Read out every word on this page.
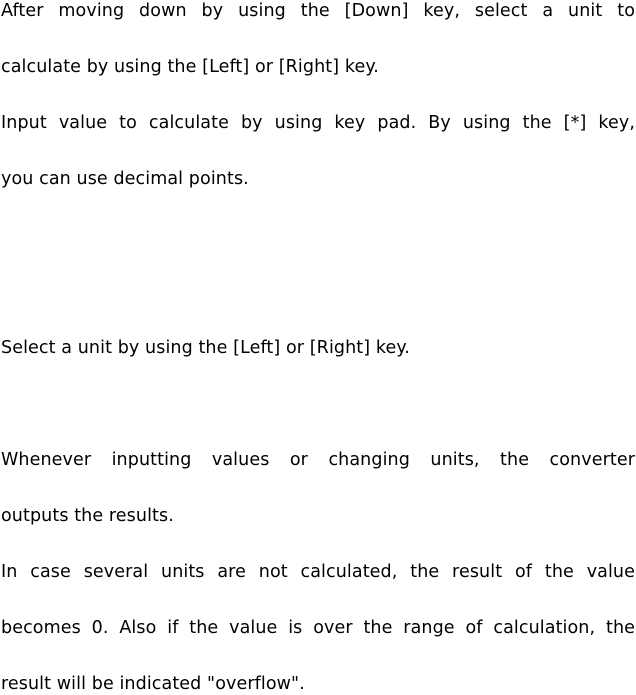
After moving down by using the [Down] key, select a unit to
calculate by using the [Left] or [Right] key.
Input value to calculate by using key pad. By using the [*] key,
you can use decimal points.
Select a unit by using the [Left] or [Right] key.
Whenever inputting values or changing units, the converter
outputs the results.
In case several units are not calculated, the result of the value
becomes 0. Also if the value is over the range of calculation, the
result will be indicated "overflow".
